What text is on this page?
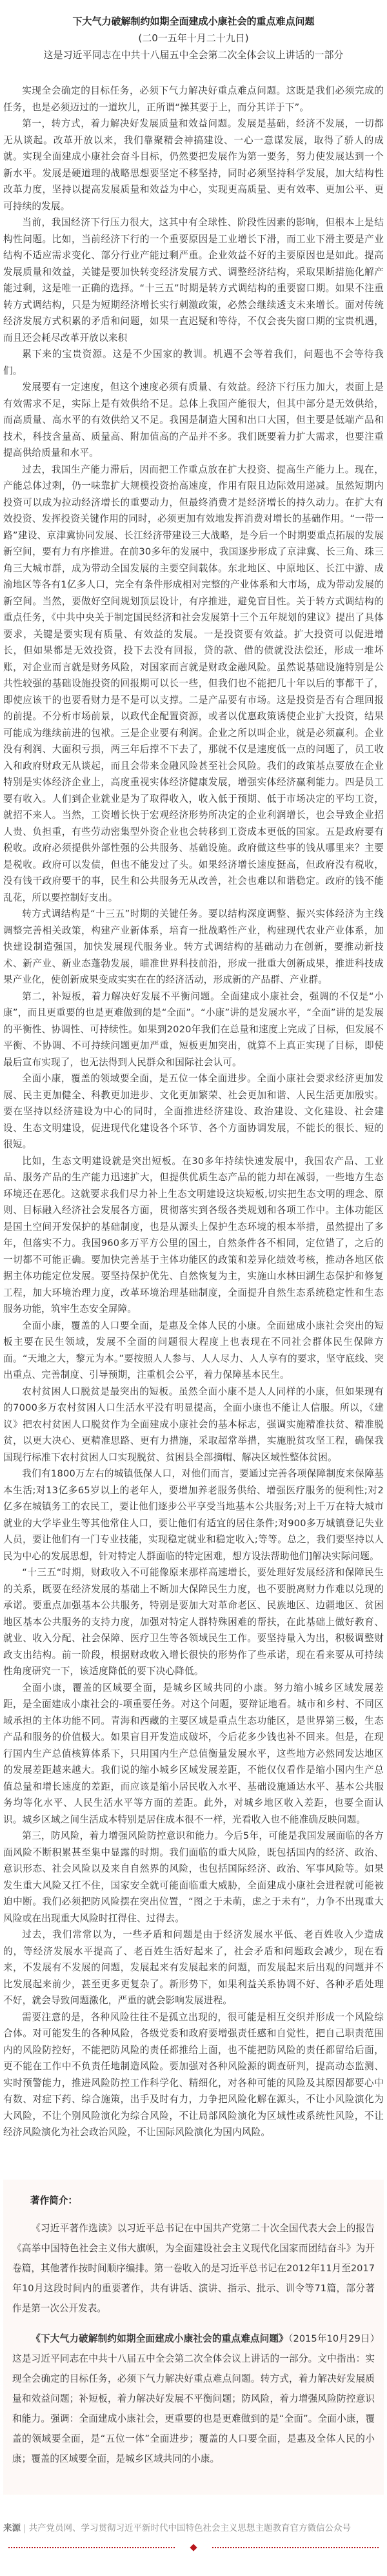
下大气力破解制约如期全面建成小康社会的重点难点问题
(二0一五年十月二十九日)
这是习近平同志在中共十八届五中全会第二次全体会议上讲话的一部分

实现全会确定的目标任务，必须下气力解决好重点难点问题。这既是我们必须完成的任务，也是必须迈过的一道坎儿，正所谓“操其要于上，而分其详于下”。

第一，转方式，着力解决好发展质量和效益问题。发展是基础，经济不发展，一切都无从谈起。改革开放以来，我们靠聚精会神搞建设、一心一意谋发展，取得了骄人的成就。实现全面建成小康社会奋斗目标，仍然要把发展作为第一要务，努力使发展达到一个新水平。发展是硬道理的战略思想要坚定不移坚持，同时必须坚持科学发展，加大结构性改革力度，坚持以提高发展质量和效益为中心，实现更高质量、更有效率、更加公平、更可持续的发展。

当前，我国经济下行压力很大，这其中有全球性、阶段性因素的影响，但根本上是结构性问题。比如，当前经济下行的一个重要原因是工业增长下滑，而工业下滑主要是产业结构不适应需求变化、部分行业产能过剩严重。企业效益不好的主要原因也是如此。提高发展质量和效益，关键是要加快转变经济发展方式、调整经济结构，采取果断措施化解产能过剩，这是唯一正确的选择。“十三五”时期是转方式调结构的重要窗口期。如果不注重转方式调结构，只是为短期经济增长实行刺激政策，必然会继续透支未来增长。面对传统经济发展方式积累的矛盾和问题，如果一直迟疑和等待，不仅会丧失窗口期的宝贵机遇，而且还会耗尽改革开放以来积

累下来的宝贵资源。这是不少国家的教训。机遇不会等着我们，问题也不会等待我们。

发展要有一定速度，但这个速度必须有质量、有效益。经济下行压力加大，表面上是有效需求不足，实际上是有效供给不足。总体上我国产能很大，但其中部分是无效供给，而高质量、高水平的有效供给又不足。我国是制造大国和出口大国，但主要是低端产品和技术，科技含量高、质量高、附加值高的产品并不多。我们既要着力扩大需求，也要注重提高供给质量和水平。

过去，我国生产能力滞后，因而把工作重点放在扩大投资、提高生产能力上。现在，产能总体过剩，仍一味靠扩大规模投资抬高速度，作用有限且边际效用递减。虽然短期内投资可以成为拉动经济增长的重要动力，但最终消费才是经济增长的持久动力。在扩大有效投资、发挥投资关键作用的同时，必须更加有效地发挥消费对增长的基础作用。“一带一路”建设、京津冀协同发展、长江经济带建设三大战略，是今后一个时期要重点拓展的发展新空间，要有力有序推进。在前30多年的发展中，我国逐步形成了京津冀、长三角、珠三角三大城市群，成为带动全国发展的主要空间载体。东北地区、中原地区、长江中游、成渝地区等各有1亿多人口，完全有条件形成相对完整的产业体系和大市场，成为带动发展的新空间。当然，要做好空间规划顶层设计，有序推进，避免盲目性。关于转方式调结构的重点任务，《中共中央关于制定国民经济和社会发展第十三个五年规划的建议》提出了具体要求，关键是要实现有质量、有效益的发展。一是投资要有效益。扩大投资可以促进增长，但如果都是无效投资，投下去没有回报，贷的款、借的债就没法偿还，形成一堆坏账，对企业而言就是财务风险，对国家而言就是财政金融风险。虽然说基础设施特别是公共性较强的基础设施投资的回报期可以长一些，但我们也不能把几十年以后的事都干了，即使应该干的也要看财力是不是可以支撑。二是产品要有市场。这是投资是否有合理回报的前提。不分析市场前景，以政代企配置资源，或者以优惠政策诱使企业扩大投资，结果可能成为继续前进的包袱。三是企业要有利润。企业之所以叫企业，就是必须赢利。企业没有利润、大面积亏损，两三年后撑不下去了，那就不仅是速度低一点的问题了，员工收入和政府财政无从谈起，而且会带来金融风险甚至社会风险。我们的政策基点要放在企业特别是实体经济企业上，高度重视实体经济健康发展，增强实体经济赢利能力。四是员工要有收入。人们到企业就业是为了取得收入，收入低于预期、低于市场决定的平均工资，就招不来人。当然，工资增长快于宏观经济形势所决定的企业利润增长，也会导致企业招人贵、负担重，有些劳动密集型外资企业也会转移到工资成本更低的国家。五是政府要有税收。政府必须提供外部性强的公共服务、基础设施。政府做这些事的钱从哪里来？主要是税收。政府可以发债，但也不能发过了头。如果经济增长速度挺高，但政府没有税收，没有钱干政府要干的事，民生和公共服务无从改善，社会也难以和谐稳定。政府的钱不能乱花，所以要控制好支出。

转方式调结构是“十三五”时期的关键任务。要以结构深度调整、振兴实体经济为主线调整完善相关政策，构建产业新体系，培育一批战略性产业，构建现代农业产业体系，加快建设制造强国，加快发展现代服务业。转方式调结构的基础动力在创新，要推动新技术、新产业、新业态蓬勃发展，瞄准世界科技前沿，形成一批重大创新成果，推进科技成果产业化，使创新成果变成实实在在的经济活动，形成新的产品群、产业群。

第二，补短板，着力解决好发展不平衡问题。全面建成小康社会，强调的不仅是“小康”，而且更重要的也是更难做到的是“全面”。“小康”讲的是发展水平，“全面”讲的是发展的平衡性、协调性、可持续性。如果到2020年我们在总量和速度上完成了目标，但发展不平衡、不协调、不可持续问题更加严重，短板更加突出，就算不上真正实现了目标，即使最后宣布实现了，也无法得到人民群众和国际社会认可。

全面小康，覆盖的领域要全面，是五位一体全面进步。全面小康社会要求经济更加发展、民主更加健全、科教更加进步、文化更加繁荣、社会更加和谐、人民生活更加殷实。要在坚持以经济建设为中心的同时，全面推进经济建设、政治建设、文化建设、社会建设、生态文明建设，促进现代化建设各个环节、各个方面协调发展，不能长的很长、短的很短。

比如，生态文明建设就是突出短板。在30多年持续快速发展中，我国农产品、工业品、服务产品的生产能力迅速扩大，但提供优质生态产品的能力却在减弱，一些地方生态环境还在恶化。这就要求我们尽力补上生态文明建设这块短板,切实把生态文明的理念、原则、目标融入经济社会发展各方面，贯彻落实到各级各类规划和各项工作中。主体功能区是国土空间开发保护的基础制度，也是从源头上保护生态环境的根本举措，虽然提出了多年，但落实不力。我国960多万平方公里的国土，自然条件各不相同，定位错了，之后的一切都不可能正确。要加快完善基于主体功能区的政策和差异化绩效考核，推动各地区依据主体功能定位发展。要坚持保护优先、自然恢复为主，实施山水林田湖生态保护和修复工程，加大环境治理力度，改革环境治理基础制度，全面提升自然生态系统稳定性和生态服务功能，筑牢生态安全屏障。

全面小康，覆盖的人口要全面，是惠及全体人民的小康。全面建成小康社会突出的短板主要在民生领域，发展不全面的问题很大程度上也表现在不同社会群体民生保障方面。“天地之大，黎元为本。”要按照人人参与、人人尽力、人人享有的要求，坚守底线、突出重点、完善制度、引导预期，注重机会公平，着力保障基本民生。

农村贫困人口脱贫是最突出的短板。虽然全面小康不是人人同样的小康，但如果现有的7000多万农村贫困人口生活水平没有明显提高，全面小康也不能让人信服。所以，《建议》把农村贫困人口脱贫作为全面建成小康社会的基本标志，强调实施精准扶贫、精准脱贫，以更大决心、更精准思路、更有力措施，采取超常举措，实施脱贫攻坚工程，确保我国现行标准下农村贫困人口实现脱贫、贫困县全部摘帽、解决区域性整体贫困。

我们有1800万左右的城镇低保人口，对他们而言，要通过完善各项保障制度来保障基本生活;对13亿多65岁以上的老年人，要增加养老服务供给、增强医疗服务的便利性;对2亿多在城镇务工的农民工，要让他们逐步公平享受当地基本公共服务;对上千万在特大城市就业的大学毕业生等其他常住人口，要让他们有适宜的居住条件;对900多万城镇登记失业人员，要让他们有一门专业技能，实现稳定就业和稳定收入;等等。总之，我们要坚持以人民为中心的发展思想，针对特定人群面临的特定困难，想方设法帮助他们]解决实际问题。

“十三五“时期，财政收入不可能像原来那样高速增长，要处理好发展经济和保障民生的关系，既要在经济发展的基础上不断加大保障民生力度，也不要脱离财力作难以兑现的承诺。要重点加强基本公共服务，特别是要加大对革命老区、民族地区、边疆地区、贫困地区基本公共服务的支持力度，加强对特定人群特殊困难的帮扶，在此基础上做好教育、就业、收入分配、社会保障、医疗卫生等各领域民生工作。要坚持量入为出，积极调整财政支出结构。前一阶段，根据财政收入增长很快的形势作了些承诺，现在看来要从可持续性角度研究一下，该适度降低的要下决心降低。

全面小康，覆盖的区域要全面，是城乡区域共同的小康。努力缩小城乡区域发展差距，是全面建成小康社会的-项重要任务。对这个问题，要辩证地看。城市和乡村、不同区域承担的主体功能不同。青海和西藏的主要区域是重点生态功能区，是世界第三极，生态产品和服务的价值极大。如果盲目开发造成破坏，今后花多少钱也补不回来。但是，在现行国内生产总值核算体系下，只用国内生产总值衡量发展水平，这些地方必然同发达地区的发展差距越来越大。我们说的缩小城乡区域发展差距，不能仅仅看作是缩小国内生产总值总量和增长速度的差距，而应该是缩小居民收入水平、基础设施通达水平、基本公共服务均等化水平、人民生活水平等方面的差距。此外，对城乡地区收入差距，也要全面认识。城乡区域之间生活成本特别是居住成本很不一样，光看收入也不能准确反映问题。

第三，防风险，着力增强风险防控意识和能力。今后5年，可能是我国发展面临的各方面风险不断积累甚至集中显露的时期。我们面临的重大风险，既包括国内的经济、政治、意识形态、社会风险以及来自自然界的风险，也包括国际经济、政治、军事风险等。如果发生重大风险又扛不住，国家安全就可能面临重大威胁，全面建成小康社会进程就可能被迫中断。我们必须把防风险摆在突出位置，“图之于未萌，虑之于未有”，力争不出现重大风险或在出现重大风险时扛得住、过得去。

过去，我们常常以为，一些矛盾和问题是由于经济发展水平低、老百姓收入少造成的，等经济发展水平提高了、老百姓生活好起来了，社会矛盾和问题政会减少，现在看来，不发展有不发展的问题，发展起来有发展起来的问题，而发展起来后出观的问题并不比发展起来前少，甚至更多更复杂了。新形势下，如果利益关系协调不好、各种矛盾处理不好，就会导致问题激化，严重的就会影响发展进程。

需要注意的是，各种风险往往不是孤立出现的，很可能是相互交织并形成一个风险综合体。对可能发生的各种风险，各级党委和政府要增强责任感和自觉性，把自己职责范围内的风险防控好，不能把防风险的责任都推给上面，也不能把防风险的责任都留给后面，更不能在工作中不负责任地制造风险。要加强对各种风险源的调查研判，提高动态监测、实时预警能力，推进风险防控工作科学化、精细化，对各种可能的风险及其原因都要心中有数、对症下药、综合施策，出手及时有力，力争把风险化解在源头，不让小风险演化为大风险，不让个别风险演化为综合风险，不让局部风险演化为区域性或系统性风险，不让经济风险演化为社会政治风险，不让国际风险演化为国内风险。

著作简介：

《习近平著作选读》以习近平总书记在中国共产党第二十次全国代表大会上的报告《高举中国特色社会主义伟大旗帜，为全面建设社会主义现代化国家而团结奋斗》为开卷篇，其他著作按时间顺序编排。第一卷收入的是习近平总书记在2012年11月至2017年10月这段时间内的重要著作，共有讲话、演讲、指示、批示、训令等71篇，部分著作是第一次公开发表。

《下大气力破解制约如期全面建成小康社会的重点难点问题》（2015年10月29日）这是习近平同志在中共十八届五中全会第二次全体会议上讲话的一部分。文中指出：实现全会确定的目标任务，必须下气力解决好重点难点问题。转方式，着力解决好发展质量和效益问题；补短板，着力解决好发展不平衡问题；防风险，着力增强风险防控意识和能力。强调：全面建成小康社会，更重要的也是更难做到的是“全面”。全面小康，覆盖的领域要全面，是“五位一体”全面进步；覆盖的人口要全面，是惠及全体人民的小康；覆盖的区域要全面，是城乡区域共同的小康。

来源 | 共产党员网、学习贯彻习近平新时代中国特色社会主义思想主题教育官方微信公众号
